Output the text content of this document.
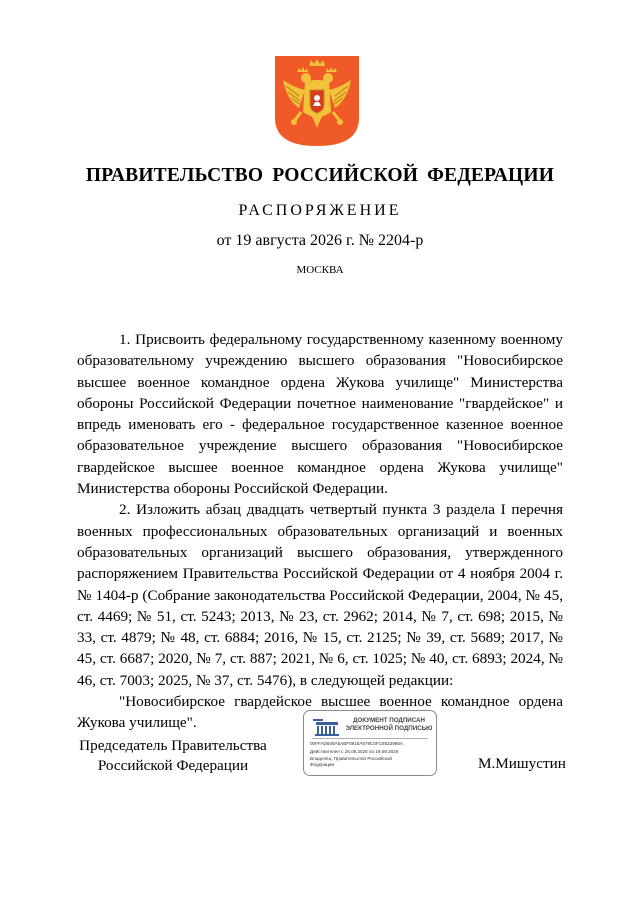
ПРАВИТЕЛЬСТВО РОССИЙСКОЙ ФЕДЕРАЦИИ
РАСПОРЯЖЕНИЕ
от 19 августа 2026 г. № 2204-р
МОСКВА

1. Присвоить федеральному государственному казенному военному образовательному учреждению высшего образования "Новосибирское высшее военное командное ордена Жукова училище" Министерства обороны Российской Федерации почетное наименование "гвардейское" и впредь именовать его - федеральное государственное казенное военное образовательное учреждение высшего образования "Новосибирское гвардейское высшее военное командное ордена Жукова училище" Министерства обороны Российской Федерации.

2. Изложить абзац двадцать четвертый пункта 3 раздела I перечня военных профессиональных образовательных организаций и военных образовательных организаций высшего образования, утвержденного распоряжением Правительства Российской Федерации от 4 ноября 2004 г. № 1404-р (Собрание законодательства Российской Федерации, 2004, № 45, ст. 4469; № 51, ст. 5243; 2013, № 23, ст. 2962; 2014, № 7, ст. 698; 2015, № 33, ст. 4879; № 48, ст. 6884; 2016, № 15, ст. 2125; № 39, ст. 5689; 2017, № 45, ст. 6687; 2020, № 7, ст. 887; 2021, № 6, ст. 1025; № 40, ст. 6893; 2024, № 46, ст. 7003; 2025, № 37, ст. 5476), в следующей редакции:

"Новосибирское гвардейское высшее военное командное ордена Жукова училище".

Председатель Правительства
Российской Федерации
ДОКУМЕНТ ПОДПИСАН
ЭЛЕКТРОННОЙ ПОДПИСЬЮ
00FFAD939A5ABF0915A579C0FC8623985A
Действителен с 26.06.2025 по 19.09.2026
Владелец: Правительство Российской
Федерации	М.Мишустин
